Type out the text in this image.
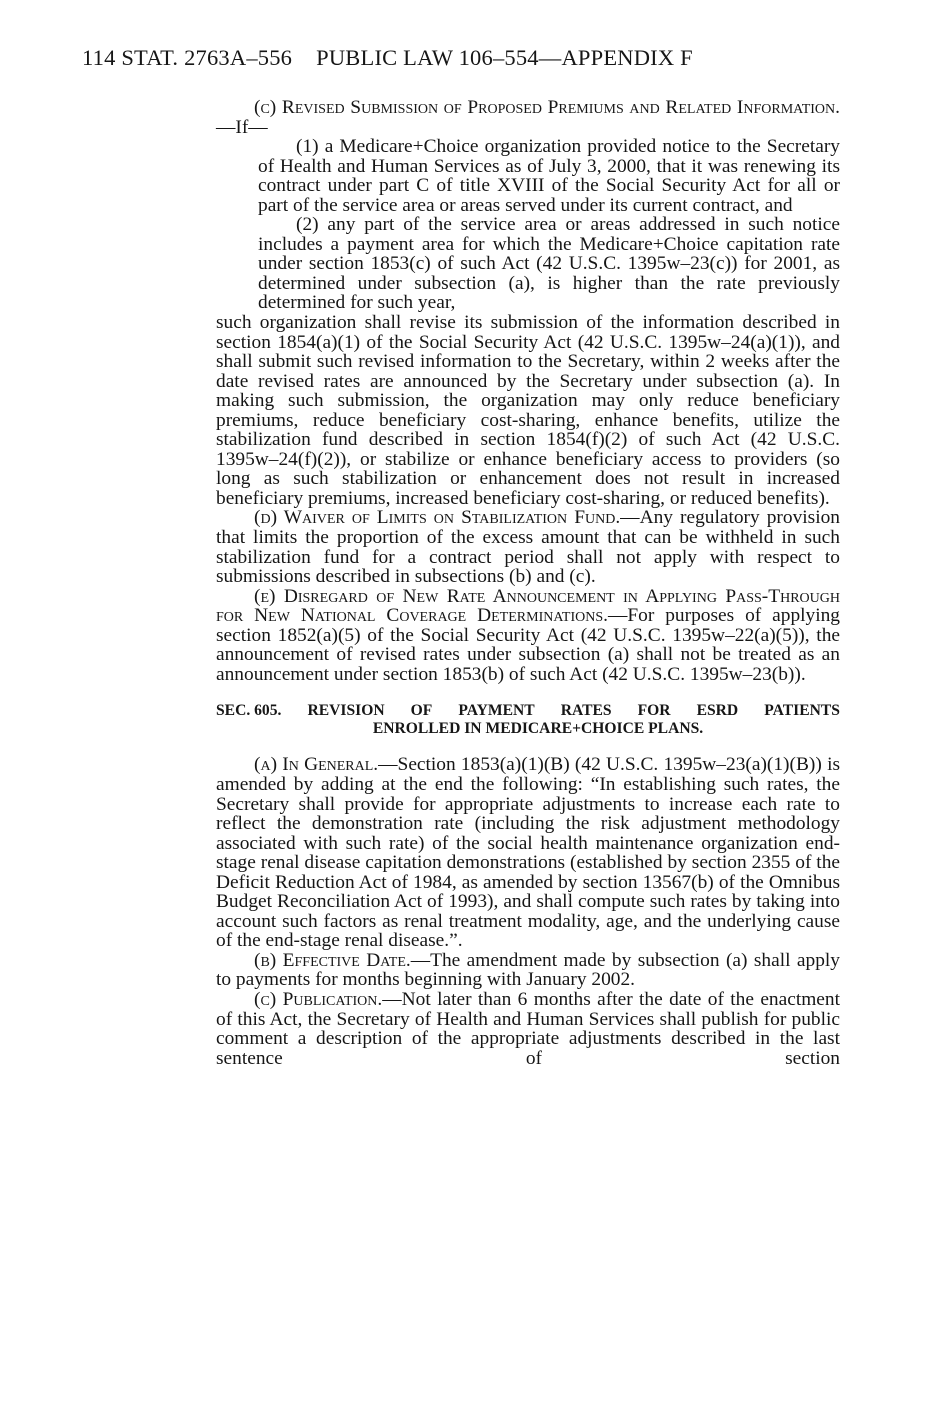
114 STAT. 2763A–556 PUBLIC LAW 106–554—APPENDIX F

(c) Revised Submission of Proposed Premiums and Related Information.—If—

(1) a Medicare+Choice organization provided notice to the Secretary of Health and Human Services as of July 3, 2000, that it was renewing its contract under part C of title XVIII of the Social Security Act for all or part of the service area or areas served under its current contract, and

(2) any part of the service area or areas addressed in such notice includes a payment area for which the Medicare+Choice capitation rate under section 1853(c) of such Act (42 U.S.C. 1395w–23(c)) for 2001, as determined under subsection (a), is higher than the rate previously determined for such year,

such organization shall revise its submission of the information described in section 1854(a)(1) of the Social Security Act (42 U.S.C. 1395w–24(a)(1)), and shall submit such revised information to the Secretary, within 2 weeks after the date revised rates are announced by the Secretary under subsection (a). In making such submission, the organization may only reduce beneficiary premiums, reduce beneficiary cost-sharing, enhance benefits, utilize the stabilization fund described in section 1854(f)(2) of such Act (42 U.S.C. 1395w–24(f)(2)), or stabilize or enhance beneficiary access to providers (so long as such stabilization or enhancement does not result in increased beneficiary premiums, increased beneficiary cost-sharing, or reduced benefits).

(d) Waiver of Limits on Stabilization Fund.—Any regulatory provision that limits the proportion of the excess amount that can be withheld in such stabilization fund for a contract period shall not apply with respect to submissions described in subsections (b) and (c).

(e) Disregard of New Rate Announcement in Applying Pass-Through for New National Coverage Determinations.—For purposes of applying section 1852(a)(5) of the Social Security Act (42 U.S.C. 1395w–22(a)(5)), the announcement of revised rates under subsection (a) shall not be treated as an announcement under section 1853(b) of such Act (42 U.S.C. 1395w–23(b)).

SEC. 605. REVISION OF PAYMENT RATES FOR ESRD PATIENTS
ENROLLED IN MEDICARE+CHOICE PLANS.

(a) In General.—Section 1853(a)(1)(B) (42 U.S.C. 1395w–23(a)(1)(B)) is amended by adding at the end the following: “In establishing such rates, the Secretary shall provide for appropriate adjustments to increase each rate to reflect the demonstration rate (including the risk adjustment methodology associated with such rate) of the social health maintenance organization end-stage renal disease capitation demonstrations (established by section 2355 of the Deficit Reduction Act of 1984, as amended by section 13567(b) of the Omnibus Budget Reconciliation Act of 1993), and shall compute such rates by taking into account such factors as renal treatment modality, age, and the underlying cause of the end-stage renal disease.”.

(b) Effective Date.—The amendment made by subsection (a) shall apply to payments for months beginning with January 2002.

(c) Publication.—Not later than 6 months after the date of the enactment of this Act, the Secretary of Health and Human Services shall publish for public comment a description of the appropriate adjustments described in the last sentence of section
